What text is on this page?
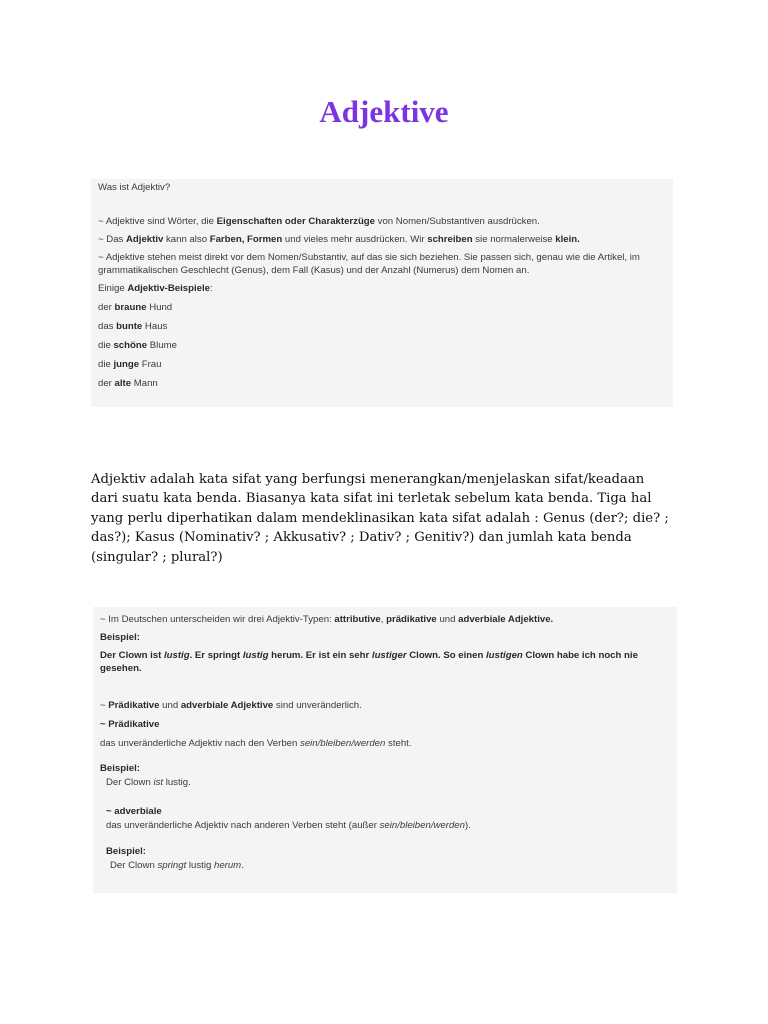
Adjektive

Was ist Adjektiv?

~ Adjektive sind Wörter, die Eigenschaften oder Charakterzüge von Nomen/Substantiven ausdrücken.

~ Das Adjektiv kann also Farben, Formen und vieles mehr ausdrücken. Wir schreiben sie normalerweise klein.

~ Adjektive stehen meist direkt vor dem Nomen/Substantiv, auf das sie sich beziehen. Sie passen sich, genau wie die Artikel, im grammatikalischen Geschlecht (Genus), dem Fall (Kasus) und der Anzahl (Numerus) dem Nomen an.

Einige Adjektiv-Beispiele:

der braune Hund

das bunte Haus

die schöne Blume

die junge Frau

der alte Mann

Adjektiv adalah kata sifat yang berfungsi menerangkan/menjelaskan sifat/keadaan dari suatu kata benda. Biasanya kata sifat ini terletak sebelum kata benda. Tiga hal yang perlu diperhatikan dalam mendeklinasikan kata sifat adalah : Genus (der?; die? ; das?); Kasus (Nominativ? ; Akkusativ? ; Dativ? ; Genitiv?) dan jumlah kata benda (singular? ; plural?)

~ Im Deutschen unterscheiden wir drei Adjektiv-Typen: attributive, prädikative und adverbiale Adjektive.

Beispiel:

Der Clown ist lustig. Er springt lustig herum. Er ist ein sehr lustiger Clown. So einen lustigen Clown habe ich noch nie gesehen.

~ Prädikative und adverbiale Adjektive sind unveränderlich.

~ Prädikative

das unveränderliche Adjektiv nach den Verben sein/bleiben/werden steht.

Beispiel:

Der Clown ist lustig.

~ adverbiale

das unveränderliche Adjektiv nach anderen Verben steht (außer sein/bleiben/werden).

Beispiel:

Der Clown springt lustig herum.
